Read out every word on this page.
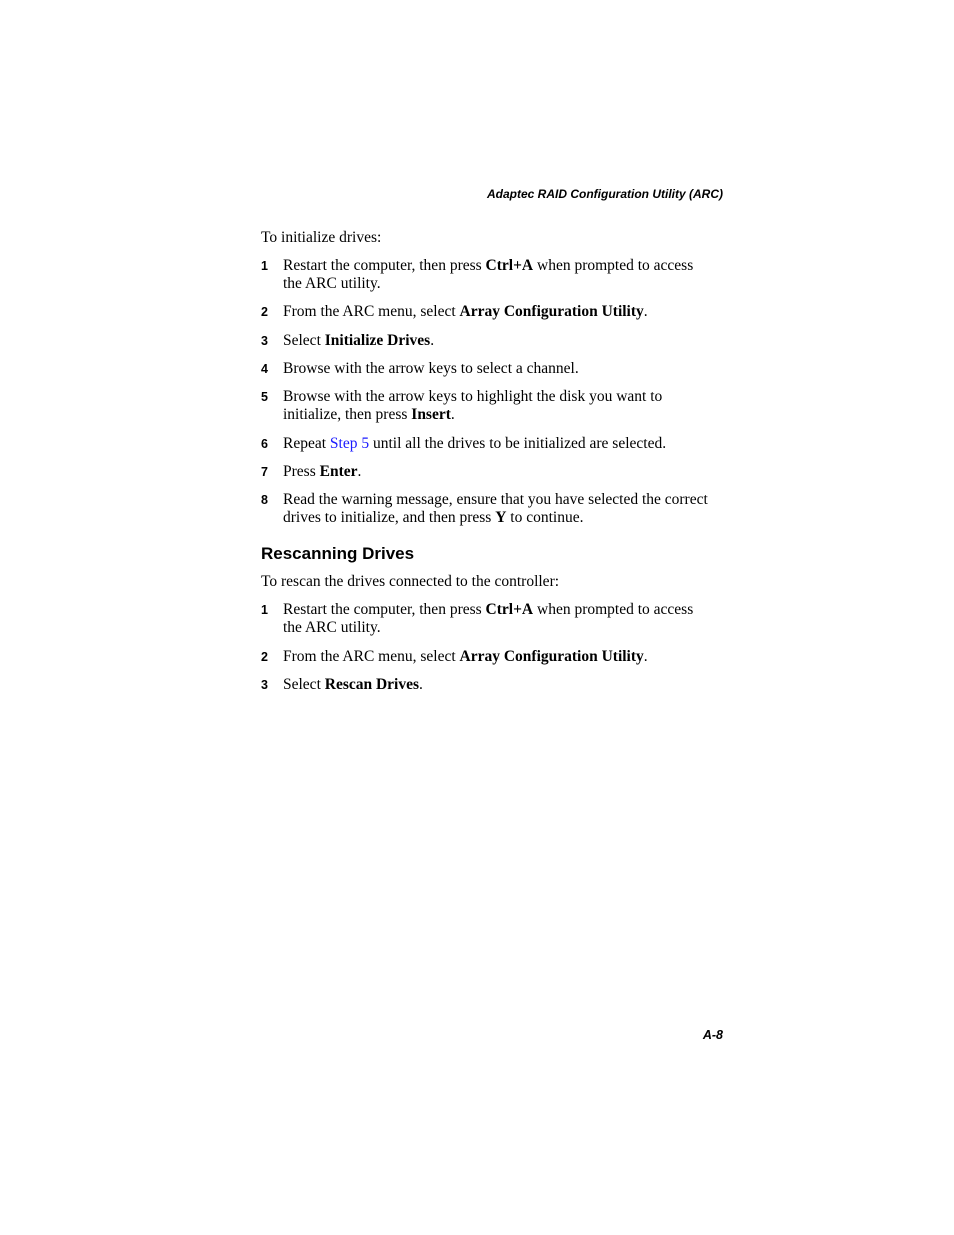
Adaptec RAID Configuration Utility (ARC)
To initialize drives:
1 Restart the computer, then press Ctrl+A when prompted to access the ARC utility.
2 From the ARC menu, select Array Configuration Utility.
3 Select Initialize Drives.
4 Browse with the arrow keys to select a channel.
5 Browse with the arrow keys to highlight the disk you want to initialize, then press Insert.
6 Repeat Step 5 until all the drives to be initialized are selected.
7 Press Enter.
8 Read the warning message, ensure that you have selected the correct drives to initialize, and then press Y to continue.
Rescanning Drives
To rescan the drives connected to the controller:
1 Restart the computer, then press Ctrl+A when prompted to access the ARC utility.
2 From the ARC menu, select Array Configuration Utility.
3 Select Rescan Drives.
A-8
